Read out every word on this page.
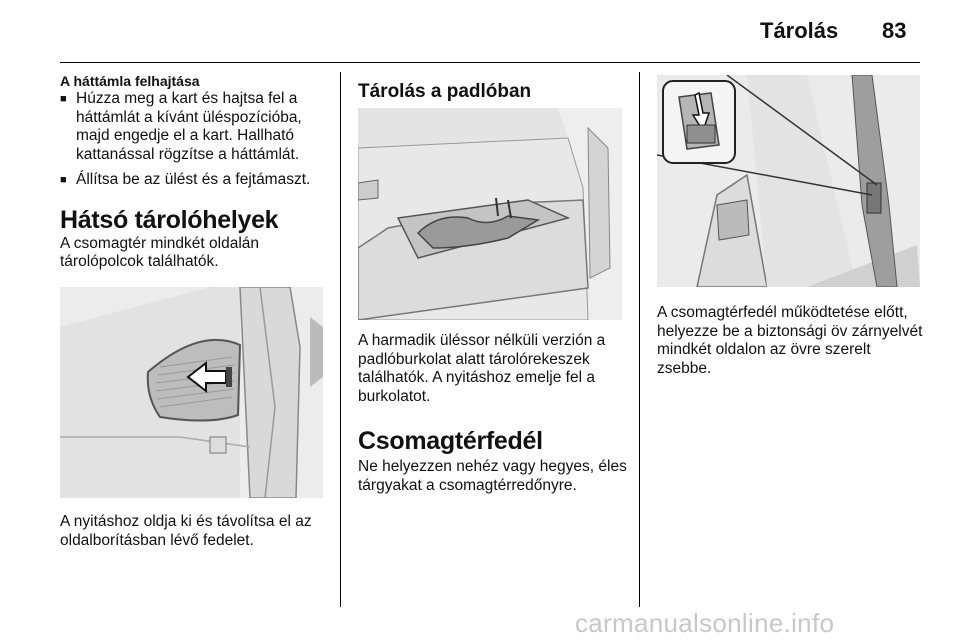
Tárolás 83

A háttámla felhajtása

■ Húzza meg a kart és hajtsa fel a háttámlát a kívánt üléspozícióba, majd engedje el a kart. Hallható kattanással rögzítse a háttámlát.
■ Állítsa be az ülést és a fejtámaszt.
Hátsó tárolóhelyek

A csomagtér mindkét oldalán tárolópolcok találhatók.

A nyitáshoz oldja ki és távolítsa el az oldalborításban lévő fedelet.

Tárolás a padlóban

A harmadik üléssor nélküli verzión a padlóburkolat alatt tárolórekeszek találhatók. A nyitáshoz emelje fel a burkolatot.

Csomagtérfedél

Ne helyezzen nehéz vagy hegyes, éles tárgyakat a csomagtérredőnyre.

A csomagtérfedél működtetése előtt, helyezze be a biztonsági öv zárnyelvét mindkét oldalon az övre szerelt zsebbe.

carmanualsonline.info
